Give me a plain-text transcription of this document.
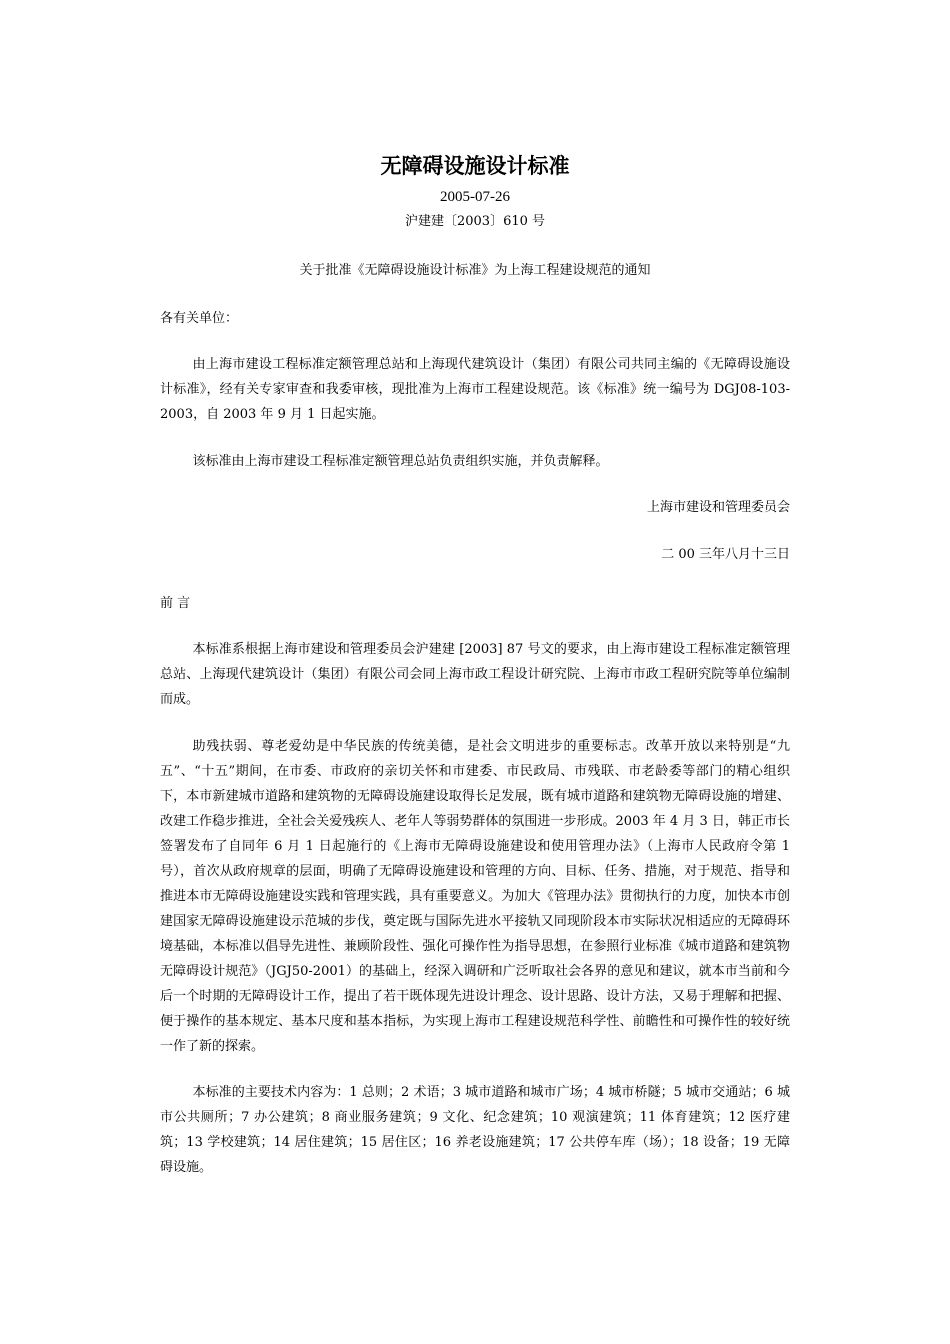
无障碍设施设计标准
2005-07-26
沪建建〔2003〕610 号
关于批准《无障碍设施设计标准》为上海工程建设规范的通知
各有关单位：
由上海市建设工程标准定额管理总站和上海现代建筑设计（集团）有限公司共同主编的《无障碍设施设计标准》，经有关专家审查和我委审核，现批准为上海市工程建设规范。该《标准》统一编号为 DGJ08-103-2003，自 2003 年 9 月 1 日起实施。
该标准由上海市建设工程标准定额管理总站负责组织实施，并负责解释。
上海市建设和管理委员会
二 00 三年八月十三日
前 言
本标准系根据上海市建设和管理委员会沪建建 [2003] 87 号文的要求，由上海市建设工程标准定额管理总站、上海现代建筑设计（集团）有限公司会同上海市政工程设计研究院、上海市市政工程研究院等单位编制而成。
助残扶弱、尊老爱幼是中华民族的传统美德，是社会文明进步的重要标志。改革开放以来特别是“九五”、“十五”期间，在市委、市政府的亲切关怀和市建委、市民政局、市残联、市老龄委等部门的精心组织下，本市新建城市道路和建筑物的无障碍设施建设取得长足发展，既有城市道路和建筑物无障碍设施的增建、改建工作稳步推进，全社会关爱残疾人、老年人等弱势群体的氛围进一步形成。2003 年 4 月 3 日，韩正市长签署发布了自同年 6 月 1 日起施行的《上海市无障碍设施建设和使用管理办法》（上海市人民政府令第 1 号），首次从政府规章的层面，明确了无障碍设施建设和管理的方向、目标、任务、措施，对于规范、指导和推进本市无障碍设施建设实践和管理实践，具有重要意义。为加大《管理办法》贯彻执行的力度，加快本市创建国家无障碍设施建设示范城的步伐，奠定既与国际先进水平接轨又同现阶段本市实际状况相适应的无障碍环境基础，本标准以倡导先进性、兼顾阶段性、强化可操作性为指导思想，在参照行业标准《城市道路和建筑物无障碍设计规范》（JGJ50-2001）的基础上，经深入调研和广泛听取社会各界的意见和建议，就本市当前和今后一个时期的无障碍设计工作，提出了若干既体现先进设计理念、设计思路、设计方法，又易于理解和把握、便于操作的基本规定、基本尺度和基本指标，为实现上海市工程建设规范科学性、前瞻性和可操作性的较好统一作了新的探索。
本标准的主要技术内容为：1 总则；2 术语；3 城市道路和城市广场；4 城市桥隧；5 城市交通站；6 城市公共厕所；7 办公建筑；8 商业服务建筑；9 文化、纪念建筑；10 观演建筑；11 体育建筑；12 医疗建筑；13 学校建筑；14 居住建筑；15 居住区；16 养老设施建筑；17 公共停车库（场）；18 设备；19 无障碍设施。
